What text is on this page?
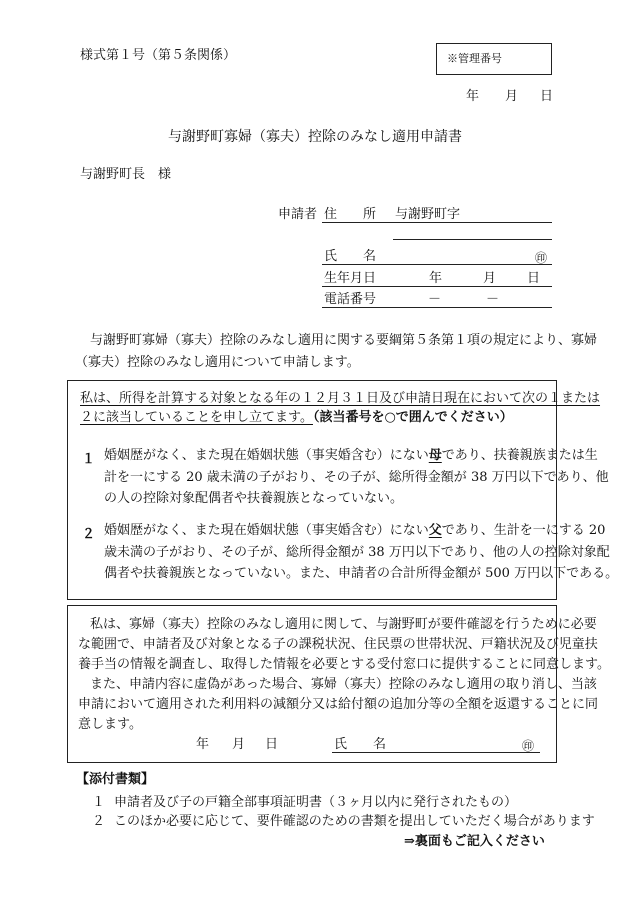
様式第１号（第５条関係）	※管理番号
年 月 日
与謝野町寡婦（寡夫）控除のみなし適用申請書
与謝野町長　様
申請者 住　　所 与謝野町字
氏　　名	㊞
生年月日	年	月 日
電話番号	－	－
与謝野町寡婦（寡夫）控除のみなし適用に関する要綱第５条第１項の規定により、寡婦
（寡夫）控除のみなし適用について申請します。
私は、所得を計算する対象となる年の１２月３１日及び申請日現在において次の１または
２に該当していることを申し立てます。（該当番号を○で囲んでください）
１ 婚姻歴がなく、また現在婚姻状態（事実婚含む）にない母であり、扶養親族または生
計を一にする 20 歳未満の子がおり、その子が、総所得金額が 38 万円以下であり、他
の人の控除対象配偶者や扶養親族となっていない。
２ 婚姻歴がなく、また現在婚姻状態（事実婚含む）にない父であり、生計を一にする 20
歳未満の子がおり、その子が、総所得金額が 38 万円以下であり、他の人の控除対象配
偶者や扶養親族となっていない。また、申請者の合計所得金額が 500 万円以下である。
私は、寡婦（寡夫）控除のみなし適用に関して、与謝野町が要件確認を行うために必要
な範囲で、申請者及び対象となる子の課税状況、住民票の世帯状況、戸籍状況及び児童扶
養手当の情報を調査し、取得した情報を必要とする受付窓口に提供することに同意します。
また、申請内容に虚偽があった場合、寡婦（寡夫）控除のみなし適用の取り消し、当該
申請において適用された利用料の減額分又は給付額の追加分等の全額を返還することに同
意します。
年 月 日	氏　　名	㊞
【添付書類】
１ 申請者及び子の戸籍全部事項証明書（３ヶ月以内に発行されたもの）
２ このほか必要に応じて、要件確認のための書類を提出していただく場合があります
⇒裏面もご記入ください
